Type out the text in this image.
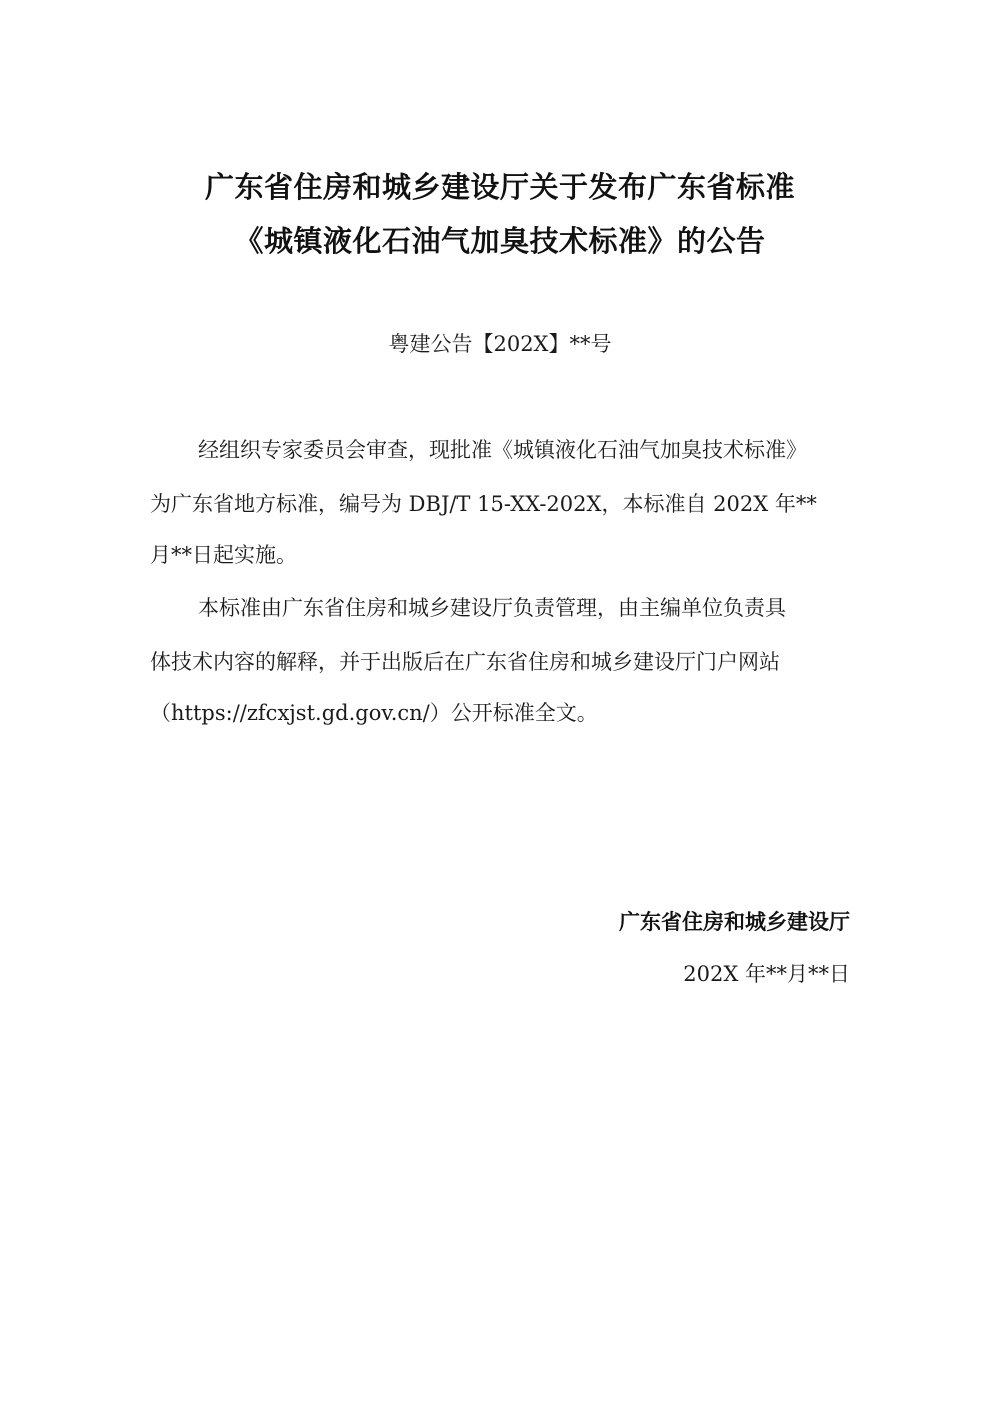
广东省住房和城乡建设厅关于发布广东省标准
《城镇液化石油气加臭技术标准》的公告
粤建公告【202X】**号
经组织专家委员会审查，现批准《城镇液化石油气加臭技术标准》
为广东省地方标准，编号为 DBJ/T 15-XX-202X，本标准自 202X 年**
月**日起实施。
本标准由广东省住房和城乡建设厅负责管理，由主编单位负责具
体技术内容的解释，并于出版后在广东省住房和城乡建设厅门户网站
（https://zfcxjst.gd.gov.cn/）公开标准全文。
广东省住房和城乡建设厅
202X 年**月**日
